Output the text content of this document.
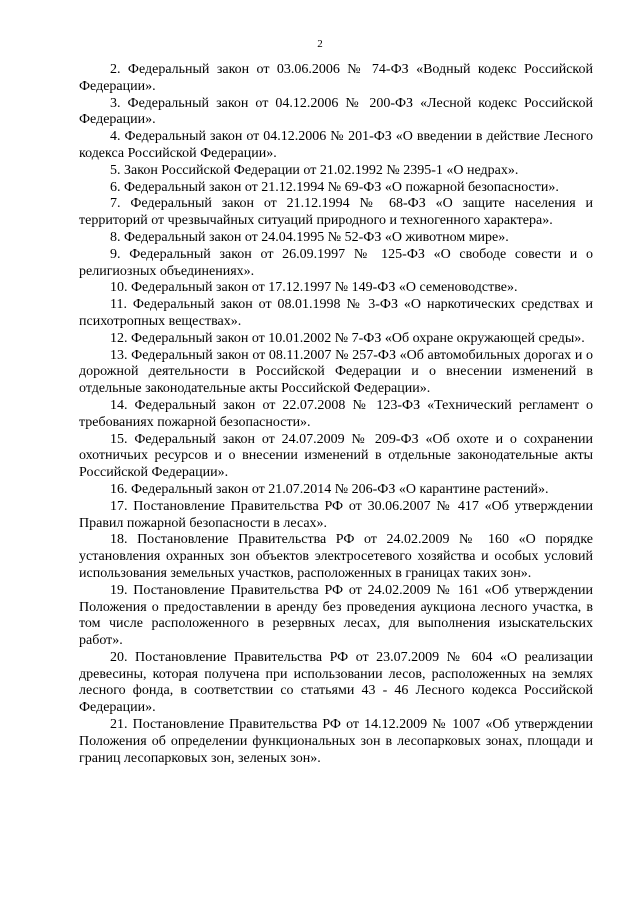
2

2. Федеральный закон от 03.06.2006 № 74-ФЗ «Водный кодекс Российской Федерации».

3. Федеральный закон от 04.12.2006 № 200-ФЗ «Лесной кодекс Российской Федерации».

4. Федеральный закон от 04.12.2006 № 201-ФЗ «О введении в действие Лесного кодекса Российской Федерации».

5. Закон Российской Федерации от 21.02.1992 № 2395-1 «О недрах».

6. Федеральный закон от 21.12.1994 № 69-ФЗ «О пожарной безопасности».

7. Федеральный закон от 21.12.1994 № 68-ФЗ «О защите населения и территорий от чрезвычайных ситуаций природного и техногенного характера».

8. Федеральный закон от 24.04.1995 № 52-ФЗ «О животном мире».

9. Федеральный закон от 26.09.1997 № 125-ФЗ «О свободе совести и о религиозных объединениях».

10. Федеральный закон от 17.12.1997 № 149-ФЗ «О семеноводстве».

11. Федеральный закон от 08.01.1998 № 3-ФЗ «О наркотических средствах и психотропных веществах».

12. Федеральный закон от 10.01.2002 № 7-ФЗ «Об охране окружающей среды».

13. Федеральный закон от 08.11.2007 № 257-ФЗ «Об автомобильных дорогах и о дорожной деятельности в Российской Федерации и о внесении изменений в отдельные законодательные акты Российской Федерации».

14. Федеральный закон от 22.07.2008 № 123-ФЗ «Технический регламент о требованиях пожарной безопасности».

15. Федеральный закон от 24.07.2009 № 209-ФЗ «Об охоте и о сохранении охотничьих ресурсов и о внесении изменений в отдельные законодательные акты Российской Федерации».

16. Федеральный закон от 21.07.2014 № 206-ФЗ «О карантине растений».

17. Постановление Правительства РФ от 30.06.2007 № 417 «Об утверждении Правил пожарной безопасности в лесах».

18. Постановление Правительства РФ от 24.02.2009 № 160 «О порядке установления охранных зон объектов электросетевого хозяйства и особых условий использования земельных участков, расположенных в границах таких зон».

19. Постановление Правительства РФ от 24.02.2009 № 161 «Об утверждении Положения о предоставлении в аренду без проведения аукциона лесного участка, в том числе расположенного в резервных лесах, для выполнения изыскательских работ».

20. Постановление Правительства РФ от 23.07.2009 № 604 «О реализации древесины, которая получена при использовании лесов, расположенных на землях лесного фонда, в соответствии со статьями 43 - 46 Лесного кодекса Российской Федерации».

21. Постановление Правительства РФ от 14.12.2009 № 1007 «Об утверждении Положения об определении функциональных зон в лесопарковых зонах, площади и границ лесопарковых зон, зеленых зон».
